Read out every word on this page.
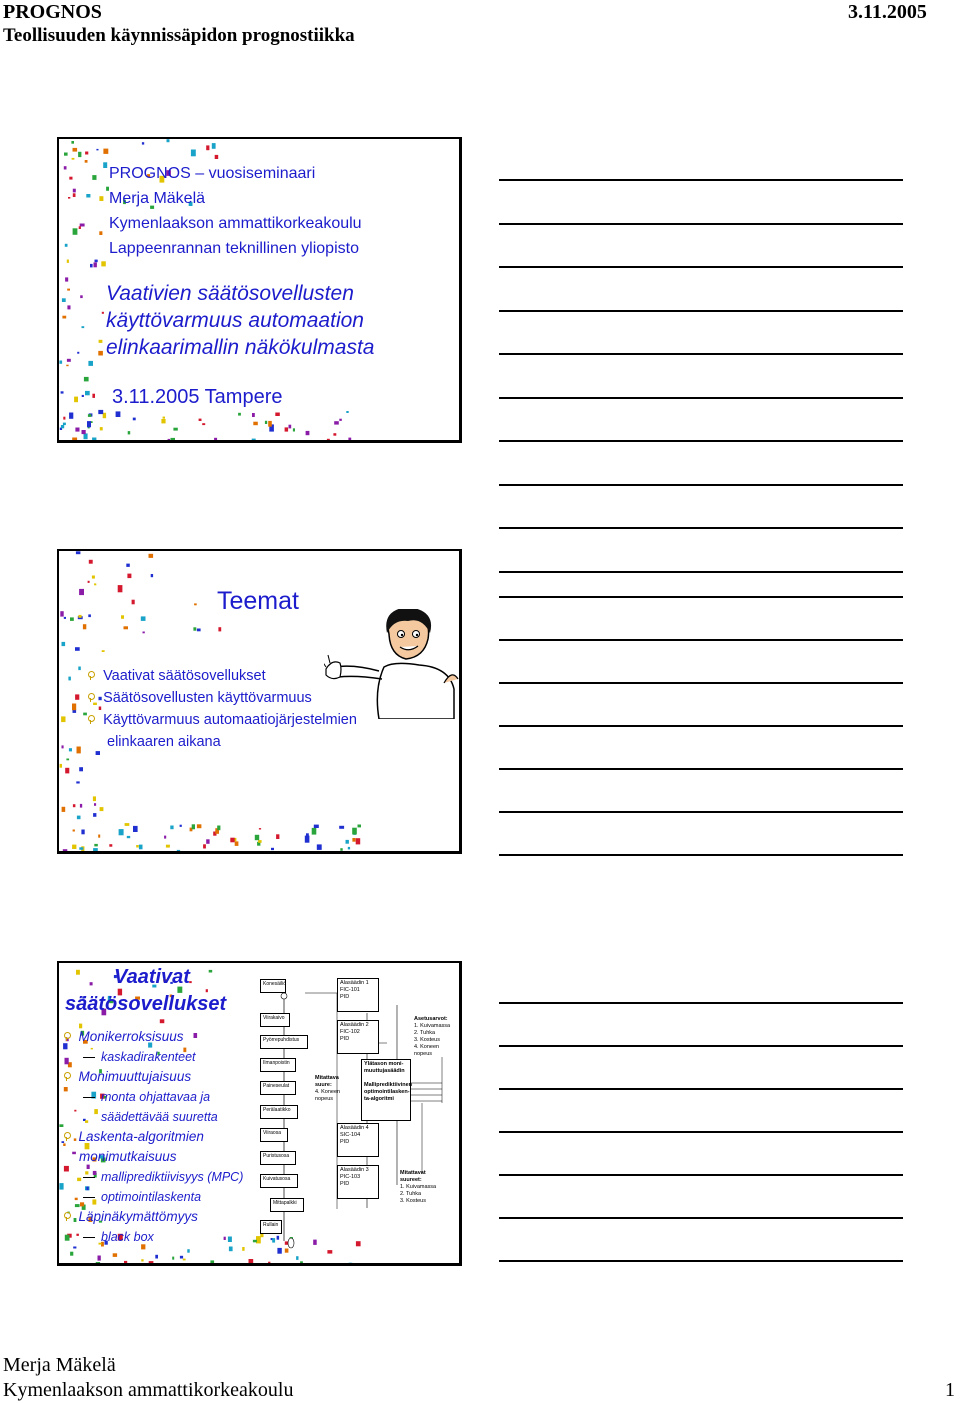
PROGNOS
Teollisuuden käynnissäpidon prognostiikka
3.11.2005
PROGNOS – vuosiseminaari
Merja Mäkelä
Kymenlaakson ammattikorkeakoulu
Lappeenrannan teknillinen yliopisto
Vaativien säätösovellusten
käyttövarmuus automaation
elinkaarimallin näkökulmasta
3.11.2005 Tampere
Teemat
Vaativat säätösovellukset
Säätösovellusten käyttövarmuus
Käyttövarmuus automaatiojärjestelmien
elinkaaren aikana
Vaativat
säätösovellukset
Monikerroksisuus
kaskadirakenteet
Monimuuttujaisuus
monta ohjattavaa ja
säädettävää suuretta
Laskenta-algoritmien
monimutkaisuus
malliprediktiivisyys (MPC)
optimointilaskenta
Läpinäkymättömyys
black box
Konesäiliö
Viirakaivo
Pyörrepuhdistus
Ilmanpoistin
Paineseulat
Perälaatikko
Viiraosa
Puristusosa
Kuivatusosa
Mittapalkki
Rullain
Alasäädin 1
FIC-101
PID
Alasäädin 2
FIC-102
PID
Alasäädin 4
SIC-104
PID
Alasäädin 3
PIC-103
PID
Mitattava
suure:
4. Koneen
nopeus
Ylätason moni-
muuttujasäädin

Malliprediktiivinen
optimointilasken-
ta-algoritmi
Asetusarvot:
1. Kuivamassa
2. Tuhka
3. Kosteus
4. Koneen nopeus
Mitattavat
suureet:
1. Kuivamassa
2. Tuhka
3. Kosteus
Merja Mäkelä
Kymenlaakson ammattikorkeakoulu	1
